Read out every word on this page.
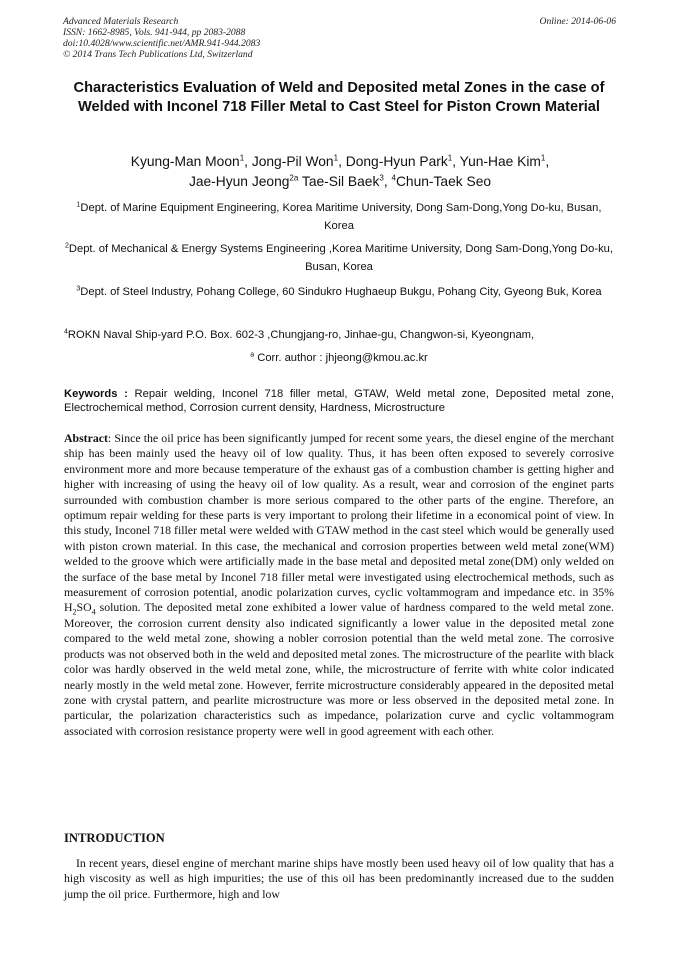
Advanced Materials Research
ISSN: 1662-8985, Vols. 941-944, pp 2083-2088
doi:10.4028/www.scientific.net/AMR.941-944.2083
© 2014 Trans Tech Publications Ltd, Switzerland
Online: 2014-06-06
Characteristics Evaluation of Weld and Deposited metal Zones in the case of Welded with Inconel 718 Filler Metal to Cast Steel for Piston Crown Material
Kyung-Man Moon$^1$, Jong-Pil Won$^1$, Dong-Hyun Park$^1$, Yun-Hae Kim$^1$,
Jae-Hyun Jeong$^{2a}$ Tae-Sil Baek$^3$, $^4$Chun-Taek Seo
$^1$Dept. of Marine Equipment Engineering, Korea Maritime University, Dong Sam-Dong,Yong Do-ku, Busan, Korea
$^2$Dept. of Mechanical & Energy Systems Engineering ,Korea Maritime University, Dong Sam-Dong,Yong Do-ku, Busan, Korea
$^3$Dept. of Steel Industry, Pohang College, 60 Sindukro Hughaeup Bukgu, Pohang City, Gyeong Buk, Korea
$^4$ROKN Naval Ship-yard P.O. Box. 602-3 ,Chungjang-ro, Jinhae-gu, Changwon-si, Kyeongnam,
$^a$ Corr. author : jhjeong@kmou.ac.kr
Keywords : Repair welding, Inconel 718 filler metal, GTAW, Weld metal zone, Deposited metal zone, Electrochemical method, Corrosion current density, Hardness, Microstructure
Abstract: Since the oil price has been significantly jumped for recent some years, the diesel engine of the merchant ship has been mainly used the heavy oil of low quality. Thus, it has been often exposed to severely corrosive environment more and more because temperature of the exhaust gas of a combustion chamber is getting higher and higher with increasing of using the heavy oil of low quality. As a result, wear and corrosion of the enginet parts surrounded with combustion chamber is more serious compared to the other parts of the engine. Therefore, an optimum repair welding for these parts is very important to prolong their lifetime in a economical point of view. In this study, Inconel 718 filler metal were welded with GTAW method in the cast steel which would be generally used with piston crown material. In this case, the mechanical and corrosion properties between weld metal zone(WM) welded to the groove which were artificially made in the base metal and deposited metal zone(DM) only welded on the surface of the base metal by Inconel 718 filler metal were investigated using electrochemical methods, such as measurement of corrosion potential, anodic polarization curves, cyclic voltammogram and impedance etc. in 35% $H_2SO_4$ solution. The deposited metal zone exhibited a lower value of hardness compared to the weld metal zone. Moreover, the corrosion current density also indicated significantly a lower value in the deposited metal zone compared to the weld metal zone, showing a nobler corrosion potential than the weld metal zone. The corrosive products was not observed both in the weld and deposited metal zones. The microstructure of the pearlite with black color was hardly observed in the weld metal zone, while, the microstructure of ferrite with white color indicated nearly mostly in the weld metal zone. However, ferrite microstructure considerably appeared in the deposited metal zone with crystal pattern, and pearlite microstructure was more or less observed in the deposited metal zone. In particular, the polarization characteristics such as impedance, polarization curve and cyclic voltammogram associated with corrosion resistance property were well in good agreement with each other.
INTRODUCTION
In recent years, diesel engine of merchant marine ships have mostly been used heavy oil of low quality that has a high viscosity as well as high impurities; the use of this oil has been predominantly increased due to the sudden jump the oil price. Furthermore, high and low
